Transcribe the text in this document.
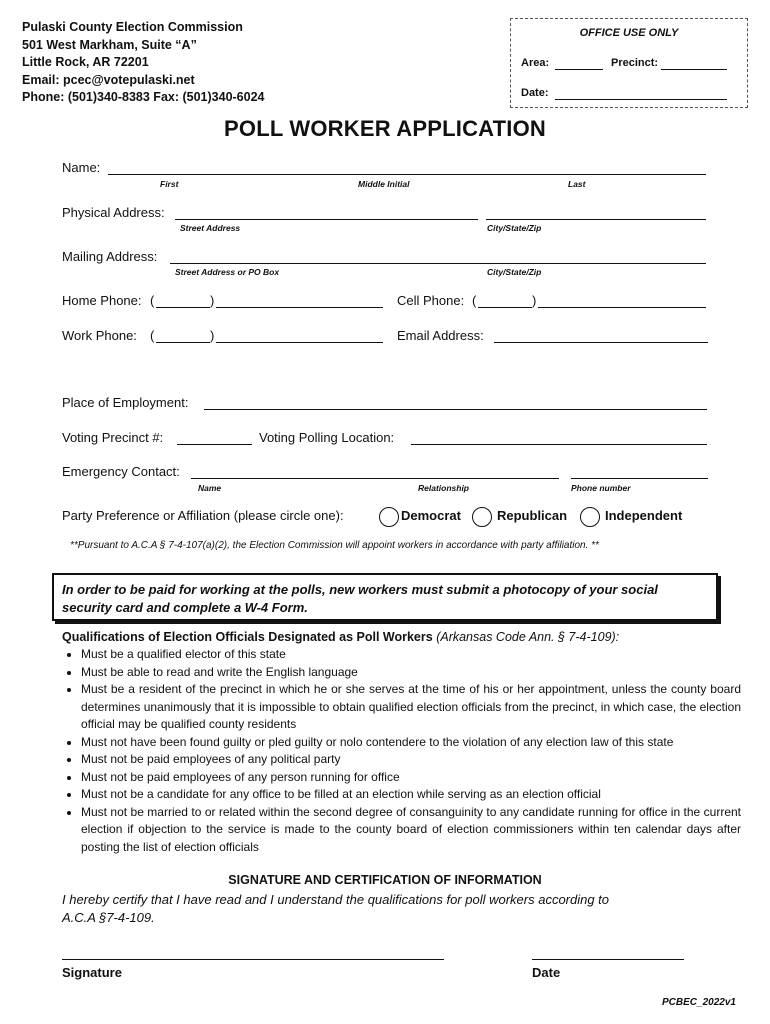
Pulaski County Election Commission
501 West Markham, Suite “A”
Little Rock, AR 72201
Email: pcec@votepulaski.net
Phone: (501)340-8383 Fax: (501)340-6024
OFFICE USE ONLY
Area:	Precinct:
Date:
POLL WORKER APPLICATION
Name:
First	Middle Initial	Last
Physical Address:
Street Address	City/State/Zip
Mailing Address:
Street Address or PO Box	City/State/Zip
Home Phone: (	)	Cell Phone: (	)
Work Phone: (	)	Email Address:
Place of Employment:
Voting Precinct #:	Voting Polling Location:
Emergency Contact:
Name	Relationship	Phone number
Party Preference or Affiliation (please circle one):	Democrat	Republican	Independent
**Pursuant to A.C.A § 7-4-107(a)(2), the Election Commission will appoint workers in accordance with party affiliation. **
In order to be paid for working at the polls, new workers must submit a photocopy of your social
security card and complete a W-4 Form.
Qualifications of Election Officials Designated as Poll Workers (Arkansas Code Ann. § 7-4-109):
• Must be a qualified elector of this state
• Must be able to read and write the English language
• Must be a resident of the precinct in which he or she serves at the time of his or her appointment, unless the county board determines unanimously that it is impossible to obtain qualified election officials from the precinct, in which case, the election official may be qualified county residents
• Must not have been found guilty or pled guilty or nolo contendere to the violation of any election law of this state
• Must not be paid employees of any political party
• Must not be paid employees of any person running for office
• Must not be a candidate for any office to be filled at an election while serving as an election official
• Must not be married to or related within the second degree of consanguinity to any candidate running for office in the current election if objection to the service is made to the county board of election commissioners within ten calendar days after posting the list of election officials
SIGNATURE AND CERTIFICATION OF INFORMATION
I hereby certify that I have read and I understand the qualifications for poll workers according to
A.C.A §7-4-109.
Signature	Date
PCBEC_2022v1
